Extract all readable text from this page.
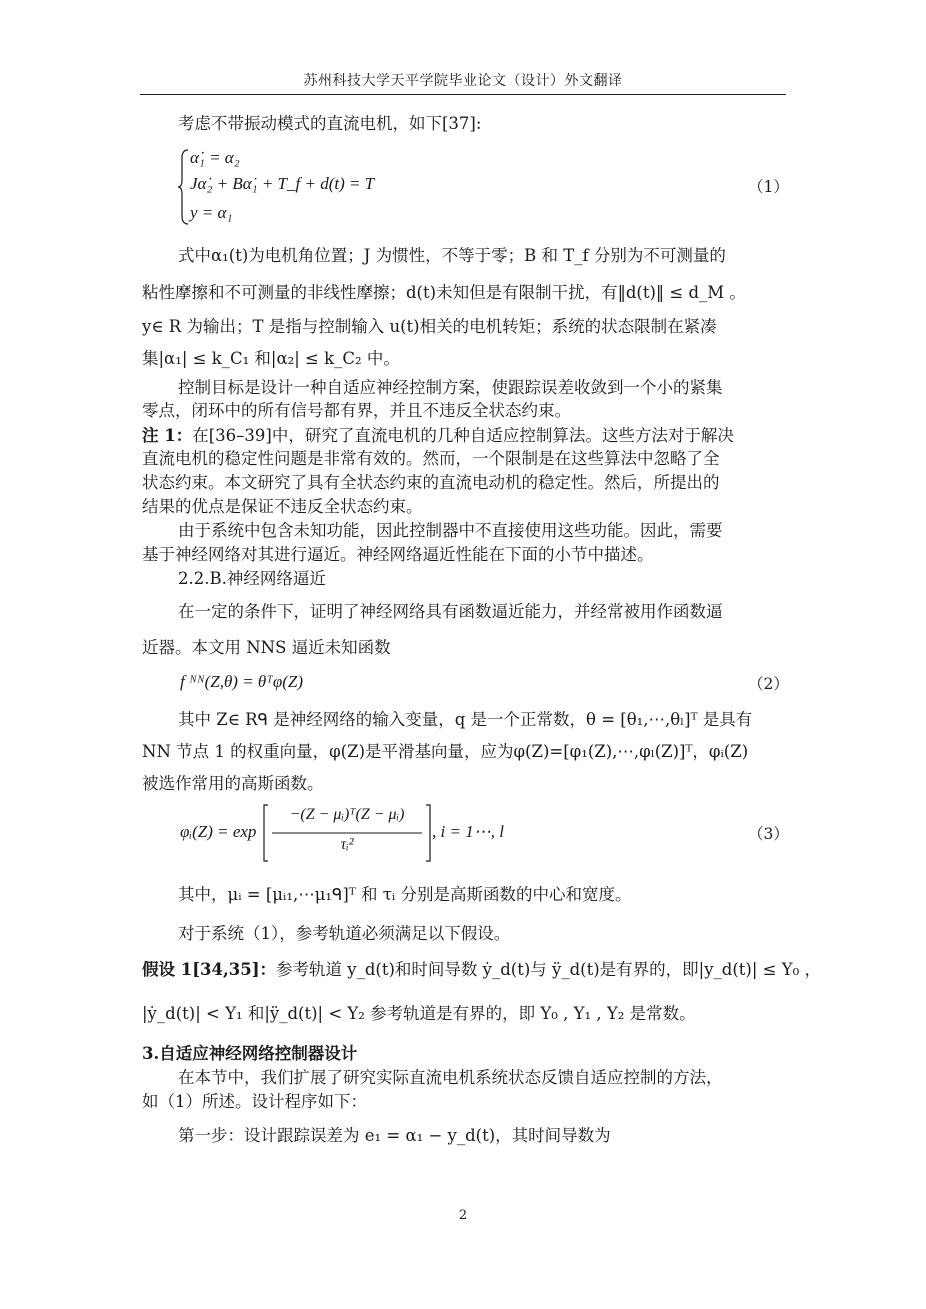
苏州科技大学天平学院毕业论文（设计）外文翻译
考虑不带振动模式的直流电机，如下[37]:
α̇₁ = α₂
Jα̇₂ + Bα̇₁ + T_f + d(t) = T
y = α₁
（1）
式中α₁(t)为电机角位置；J 为惯性，不等于零；B 和 T_f 分别为不可测量的
粘性摩擦和不可测量的非线性摩擦；d(t)未知但是有限制干扰，有‖d(t)‖ ≤ d_M 。
y∈ R 为输出；T 是指与控制输入 u(t)相关的电机转矩；系统的状态限制在紧凑
集|α₁| ≤ k_C₁ 和|α₂| ≤ k_C₂ 中。
控制目标是设计一种自适应神经控制方案，使跟踪误差收敛到一个小的紧集
零点，闭环中的所有信号都有界，并且不违反全状态约束。
注 1：在[36–39]中，研究了直流电机的几种自适应控制算法。这些方法对于解决
直流电机的稳定性问题是非常有效的。然而，一个限制是在这些算法中忽略了全
状态约束。本文研究了具有全状态约束的直流电动机的稳定性。然后，所提出的
结果的优点是保证不违反全状态约束。
由于系统中包含未知功能，因此控制器中不直接使用这些功能。因此，需要
基于神经网络对其进行逼近。神经网络逼近性能在下面的小节中描述。
2.2.B.神经网络逼近
在一定的条件下，证明了神经网络具有函数逼近能力，并经常被用作函数逼
近器。本文用 NNS 逼近未知函数
f ᴺᴺ(Z,θ) = θᵀφ(Z)	（2）
其中 Z∈ Rᑫ 是神经网络的输入变量，q 是一个正常数，θ = [θ₁,⋯,θₗ]ᵀ 是具有
NN 节点 1 的权重向量，φ(Z)是平滑基向量，应为φ(Z)=[φ₁(Z),⋯,φₗ(Z)]ᵀ，φᵢ(Z)
被选作常用的高斯函数。
φᵢ(Z) = exp
−(Z − μᵢ)ᵀ(Z − μᵢ)
τᵢ²
, i = 1⋯, l	（3）
其中，μᵢ = [μᵢ₁,⋯μ₁ᑫ]ᵀ 和 τᵢ 分别是高斯函数的中心和宽度。
对于系统（1），参考轨道必须满足以下假设。
假设 1[34,35]：参考轨道 y_d(t)和时间导数 ẏ_d(t)与 ÿ_d(t)是有界的，即|y_d(t)| ≤ Y₀ ，
|ẏ_d(t)| < Y₁ 和|ÿ_d(t)| < Y₂ 参考轨道是有界的，即 Y₀ , Y₁ , Y₂ 是常数。
3.自适应神经网络控制器设计
在本节中，我们扩展了研究实际直流电机系统状态反馈自适应控制的方法，
如（1）所述。设计程序如下：
第一步：设计跟踪误差为 e₁ = α₁ − y_d(t)，其时间导数为
2
